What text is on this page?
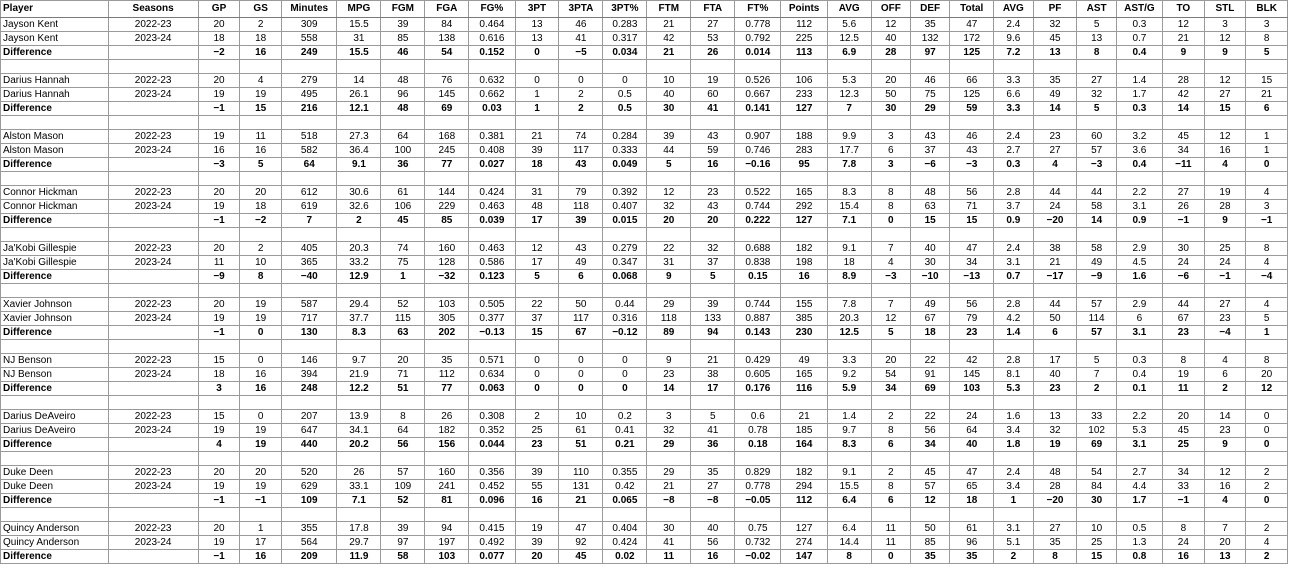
Player	Seasons	GP	GS	Minutes	MPG	FGM	FGA	FG%	3PT	3PTA	3PT%	FTM	FTA	FT%	Points	AVG	OFF	DEF	Total	AVG	PF	AST	AST/G	TO	STL	BLK
Jayson Kent	2022-23	20	2	309	15.5	39	84	0.464	13	46	0.283	21	27	0.778	112	5.6	12	35	47	2.4	32	5	0.3	12	3	3
Jayson Kent	2023-24	18	18	558	31	85	138	0.616	13	41	0.317	42	53	0.792	225	12.5	40	132	172	9.6	45	13	0.7	21	12	8
Difference		−2	16	249	15.5	46	54	0.152	0	−5	0.034	21	26	0.014	113	6.9	28	97	125	7.2	13	8	0.4	9	9	5

Darius Hannah	2022-23	20	4	279	14	48	76	0.632	0	0	0	10	19	0.526	106	5.3	20	46	66	3.3	35	27	1.4	28	12	15
Darius Hannah	2023-24	19	19	495	26.1	96	145	0.662	1	2	0.5	40	60	0.667	233	12.3	50	75	125	6.6	49	32	1.7	42	27	21
Difference		−1	15	216	12.1	48	69	0.03	1	2	0.5	30	41	0.141	127	7	30	29	59	3.3	14	5	0.3	14	15	6

Alston Mason	2022-23	19	11	518	27.3	64	168	0.381	21	74	0.284	39	43	0.907	188	9.9	3	43	46	2.4	23	60	3.2	45	12	1
Alston Mason	2023-24	16	16	582	36.4	100	245	0.408	39	117	0.333	44	59	0.746	283	17.7	6	37	43	2.7	27	57	3.6	34	16	1
Difference		−3	5	64	9.1	36	77	0.027	18	43	0.049	5	16	−0.16	95	7.8	3	−6	−3	0.3	4	−3	0.4	−11	4	0

Connor Hickman	2022-23	20	20	612	30.6	61	144	0.424	31	79	0.392	12	23	0.522	165	8.3	8	48	56	2.8	44	44	2.2	27	19	4
Connor Hickman	2023-24	19	18	619	32.6	106	229	0.463	48	118	0.407	32	43	0.744	292	15.4	8	63	71	3.7	24	58	3.1	26	28	3
Difference		−1	−2	7	2	45	85	0.039	17	39	0.015	20	20	0.222	127	7.1	0	15	15	0.9	−20	14	0.9	−1	9	−1

Ja'Kobi Gillespie	2022-23	20	2	405	20.3	74	160	0.463	12	43	0.279	22	32	0.688	182	9.1	7	40	47	2.4	38	58	2.9	30	25	8
Ja'Kobi Gillespie	2023-24	11	10	365	33.2	75	128	0.586	17	49	0.347	31	37	0.838	198	18	4	30	34	3.1	21	49	4.5	24	24	4
Difference		−9	8	−40	12.9	1	−32	0.123	5	6	0.068	9	5	0.15	16	8.9	−3	−10	−13	0.7	−17	−9	1.6	−6	−1	−4

Xavier Johnson	2022-23	20	19	587	29.4	52	103	0.505	22	50	0.44	29	39	0.744	155	7.8	7	49	56	2.8	44	57	2.9	44	27	4
Xavier Johnson	2023-24	19	19	717	37.7	115	305	0.377	37	117	0.316	118	133	0.887	385	20.3	12	67	79	4.2	50	114	6	67	23	5
Difference		−1	0	130	8.3	63	202	−0.13	15	67	−0.12	89	94	0.143	230	12.5	5	18	23	1.4	6	57	3.1	23	−4	1

NJ Benson	2022-23	15	0	146	9.7	20	35	0.571	0	0	0	9	21	0.429	49	3.3	20	22	42	2.8	17	5	0.3	8	4	8
NJ Benson	2023-24	18	16	394	21.9	71	112	0.634	0	0	0	23	38	0.605	165	9.2	54	91	145	8.1	40	7	0.4	19	6	20
Difference		3	16	248	12.2	51	77	0.063	0	0	0	14	17	0.176	116	5.9	34	69	103	5.3	23	2	0.1	11	2	12

Darius DeAveiro	2022-23	15	0	207	13.9	8	26	0.308	2	10	0.2	3	5	0.6	21	1.4	2	22	24	1.6	13	33	2.2	20	14	0
Darius DeAveiro	2023-24	19	19	647	34.1	64	182	0.352	25	61	0.41	32	41	0.78	185	9.7	8	56	64	3.4	32	102	5.3	45	23	0
Difference		4	19	440	20.2	56	156	0.044	23	51	0.21	29	36	0.18	164	8.3	6	34	40	1.8	19	69	3.1	25	9	0

Duke Deen	2022-23	20	20	520	26	57	160	0.356	39	110	0.355	29	35	0.829	182	9.1	2	45	47	2.4	48	54	2.7	34	12	2
Duke Deen	2023-24	19	19	629	33.1	109	241	0.452	55	131	0.42	21	27	0.778	294	15.5	8	57	65	3.4	28	84	4.4	33	16	2
Difference		−1	−1	109	7.1	52	81	0.096	16	21	0.065	−8	−8	−0.05	112	6.4	6	12	18	1	−20	30	1.7	−1	4	0

Quincy Anderson	2022-23	20	1	355	17.8	39	94	0.415	19	47	0.404	30	40	0.75	127	6.4	11	50	61	3.1	27	10	0.5	8	7	2
Quincy Anderson	2023-24	19	17	564	29.7	97	197	0.492	39	92	0.424	41	56	0.732	274	14.4	11	85	96	5.1	35	25	1.3	24	20	4
Difference		−1	16	209	11.9	58	103	0.077	20	45	0.02	11	16	−0.02	147	8	0	35	35	2	8	15	0.8	16	13	2
